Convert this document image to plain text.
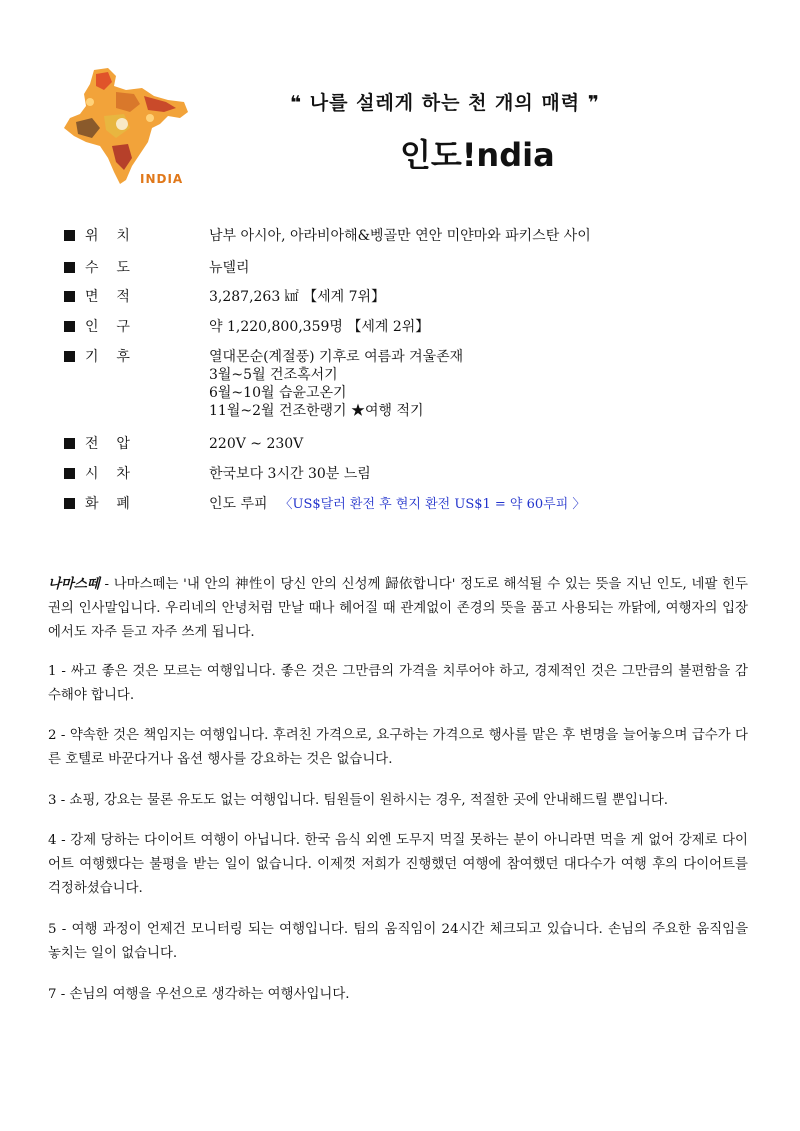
INDIA
❝ 나를 설레게 하는 천 개의 매력 ❞
인도!ndia
위    치	남부 아시아, 아라비아해&벵골만 연안 미얀마와 파키스탄 사이
수    도	뉴델리
면    적	3,287,263 ㎢ 【세계 7위】
인    구	약 1,220,800,359명 【세계 2위】
기    후	열대몬순(계절풍) 기후로 여름과 겨울존재
3월~5월 건조혹서기
6월~10월 습윤고온기
11월~2월 건조한랭기 ★여행 적기
전    압	220V ~ 230V
시    차	한국보다 3시간 30분 느림
화    폐	인도 루피 〈US$달러 환전 후 현지 환전 US$1 = 약 60루피 〉
나마스떼 - 나마스떼는 '내 안의 神性이 당신 안의 신성께 歸依합니다' 정도로 해석될 수 있는 뜻을 지닌 인도, 네팔 힌두권의 인사말입니다. 우리네의 안녕처럼 만날 때나 헤어질 때 관계없이 존경의 뜻을 품고 사용되는 까닭에, 여행자의 입장에서도 자주 듣고 자주 쓰게 됩니다.
1 - 싸고 좋은 것은 모르는 여행입니다. 좋은 것은 그만큼의 가격을 치루어야 하고, 경제적인 것은 그만큼의 불편함을 감수해야 합니다.
2 - 약속한 것은 책임지는 여행입니다. 후려친 가격으로, 요구하는 가격으로 행사를 맡은 후 변명을 늘어놓으며 급수가 다른 호텔로 바꾼다거나 옵션 행사를 강요하는 것은 없습니다.
3 - 쇼핑, 강요는 물론 유도도 없는 여행입니다. 팀원들이 원하시는 경우, 적절한 곳에 안내해드릴 뿐입니다.
4 - 강제 당하는 다이어트 여행이 아닙니다. 한국 음식 외엔 도무지 먹질 못하는 분이 아니라면 먹을 게 없어 강제로 다이어트 여행했다는 불평을 받는 일이 없습니다. 이제껏 저희가 진행했던 여행에 참여했던 대다수가 여행 후의 다이어트를 걱정하셨습니다.
5 - 여행 과정이 언제건 모니터링 되는 여행입니다. 팀의 움직임이 24시간 체크되고 있습니다. 손님의 주요한 움직임을 놓치는 일이 없습니다.
7 - 손님의 여행을 우선으로 생각하는 여행사입니다.
